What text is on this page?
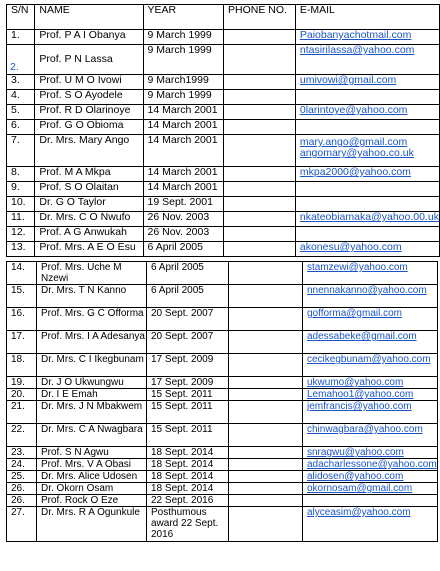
S/N	NAME	YEAR	PHONE NO.	E-MAIL
1.	Prof. P A I Obanya	9 March 1999		Paiobanyachotmail.com

2.	Prof. P N Lassa	9 March 1999		ntasirilassa@yahoo.com
3.	Prof. U M O Ivowi	9 March1999		umivowi@gmail.com
4.	Prof. S O Ayodele	9 March 1999		
5.	Prof. R D Olarinoye	14 March 2001		0larintoye@yahoo.com
6.	Prof. G O Obioma	14 March 2001		
7.	Dr. Mrs. Mary Ango	14 March 2001		mary.ango@gmail.com
angomary@yahoo.co.uk

8.	Prof. M A Mkpa	14 March 2001		mkpa2000@yahoo.com
9.	Prof. S O Olaitan	14 March 2001		
10.	Dr. G O Taylor	19 Sept. 2001		
11.	Dr. Mrs. C O Nwufo	26 Nov. 2003		nkateobiamaka@yahoo.00.uk
12.	Prof. A G Anwukah	26 Nov. 2003		
13.	Prof. Mrs. A E O Esu	6 April 2005		akonesu@yahoo.com
14.	Prof. Mrs. Uche M Nzewi	6 April 2005		stamzewi@yahoo.com
15.	Dr. Mrs. T N Kanno	6 April 2005		nnennakanno@yahoo.com
16.	Prof. Mrs. G C Offorma	20 Sept. 2007		gofforma@gmail.com
17.	Prof. Mrs. I A Adesanya	20 Sept. 2007		adessabeke@gmail.com
18.	Dr. Mrs. C I Ikegbunam	17 Sept. 2009		cecikegbunam@yahoo.com
19.	Dr. J O Ukwungwu	17 Sept. 2009		ukwumo@yahoo.com
20.	Dr. I E Emah	15 Sept. 2011		Lemahoo1@yahoo.com
21.	Dr. Mrs. J N Mbakwem	15 Sept. 2011		jemfrancis@yahoo.com
22.	Dr. Mrs. C A Nwagbara	15 Sept. 2011		chinwagbara@yahoo.com
23.	Prof. S N Agwu	18 Sept. 2014		snragwu@yahoo.com
24.	Prof. Mrs. V A Obasi	18 Sept. 2014		adacharlessone@yahoo.com
25.	Dr. Mrs. Alice Udosen	18 Sept. 2014		alidosen@yahoo.com
26.	Dr. Okorn Osam	18 Sept. 2014		okornosam@gmail.com
26.	Prof. Rock O Eze	22 Sept. 2016		
27.	Dr. Mrs. R A Ogunkule	Posthumous award 22 Sept. 2016		alyceasim@yahoo.com
